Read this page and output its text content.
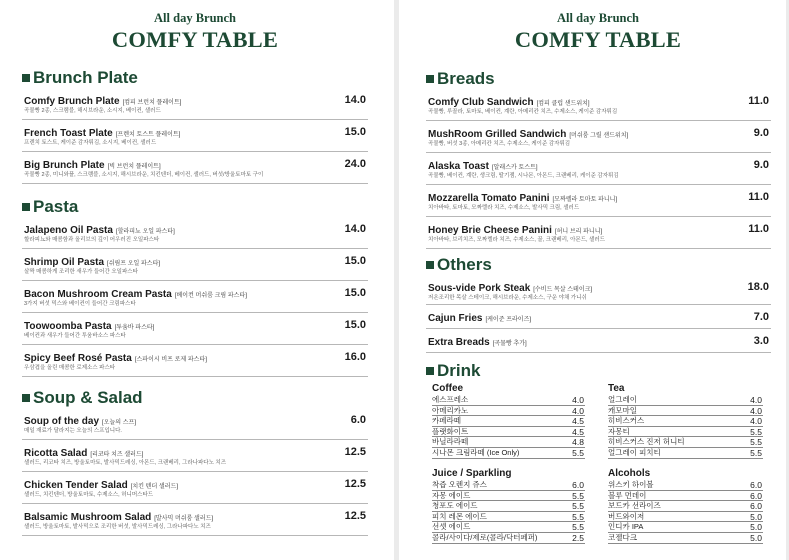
All day Brunch
COMFY TABLE
Brunch Plate
Comfy Brunch Plate [컴피 브런치 플레이트]	14.0
곡물빵 2종, 스크램블, 해시브라운, 소시지, 베이컨, 샐러드
French Toast Plate [프렌치 토스트 플레이트]	15.0
프렌치 토스트, 케이준 감자튀김, 소시지, 베이컨, 샐러드
Big Brunch Plate [빅 브런치 플레이트]	24.0
곡물빵 2종, 미니와플, 스크램블, 소시지, 해시브라운, 치킨텐더, 베이컨, 샐러드, 버섯/방울토마토 구이
Pasta
Jalapeno Oil Pasta [할라피뇨 오일 파스타]	14.0
할라피뇨와 매콤함과 올리브의 깊이 어우러진 오일파스타
Shrimp Oil Pasta [쉬림프 오일 파스타]	15.0
살짝 매콤하게 조리한 새우가 들어간 오일파스타
Bacon Mushroom Cream Pasta [베이컨 머쉬룸 크림 파스타]	15.0
3가지 버섯 믹스와 베이컨이 들어간 크림파스타
Toowoomba Pasta [투움바 파스타]	15.0
베이컨과 새우가 들어간 투움바소스 파스타
Spicy Beef Rosé Pasta [스파이시 비프 로제 파스타]	16.0
우삼겹을 올린 매콤한 로제소스 파스타
Soup & Salad
Soup of the day [오늘의 스프]	6.0
매일 재료가 달라지는 오늘의 스프입니다.
Ricotta Salad [리코타 치즈 샐러드]	12.5
샐러드, 리코타 치즈, 방울토마토, 발사믹드레싱, 아몬드, 크랜베리, 그라나파다노 치즈
Chicken Tender Salad [치킨 텐더 샐러드]	12.5
샐러드, 치킨텐더, 방울토마토, 수제소스, 허니머스타드
Balsamic Mushroom Salad [발사믹 머쉬룸 샐러드]	12.5
샐러드, 방울토마토, 발사믹으로 조리한 버섯, 발사믹드레싱, 그라나파다노 치즈
All day Brunch
COMFY TABLE
Breads
Comfy Club Sandwich [컴피 클럽 샌드위치]	11.0
곡물빵, 루꼴라, 토마토, 베이컨, 계란, 아메리칸 치즈, 수제소스, 케이준 감자튀김
MushRoom Grilled Sandwich [머쉬룸 그릴 샌드위치]	9.0
곡물빵, 버섯 3종, 아메리칸 치즈, 수제소스, 케이준 감자튀김
Alaska Toast [알래스카 토스트]	9.0
곡물빵, 베이컨, 계란, 생크림, 딸기잼, 시나몬, 아몬드, 크랜베리, 케이준 감자튀김
Mozzarella Tomato Panini [모짜렐라 토마토 파니니]	11.0
치아바타, 토마토, 모짜렐라 치즈, 수제소스, 발사믹 크림, 샐러드
Honey Brie Cheese Panini [허니 브리 파니니]	11.0
치아바타, 브리치즈, 모짜렐라 치즈, 수제소스, 꿀, 크랜베리, 아몬드, 샐러드
Others
Sous-vide Pork Steak [수비드 목살 스테이크]	18.0
저온조리한 목살 스테이크, 해시브라운, 수제소스, 구운 야채 가니쉬
Cajun Fries [케이준 프라이즈]	7.0
Extra Breads [곡물빵 추가]	3.0
Drink
Coffee
에스프레소	4.0
아메리카노	4.0
카페라떼	4.5
플랫화이트	4.5
바닐라라떼	4.8
시나몬 크림라떼 (Ice Only)	5.5
Tea
얼그레이	4.0
캐모마일	4.0
히비스커스	4.0
자몽티	5.5
히비스커스 진저 허니티	5.5
얼그레이 피치티	5.5
Juice / Sparkling
착즙 오렌지 쥬스	6.0
자몽 에이드	5.5
청포도 에이드	5.5
피치 레몬 에이드	5.5
선셋 에이드	5.5
콜라/사이다/제로(콜라/닥터페퍼)	2.5
Alcohols
위스키 하이볼	6.0
블루 먼데이	6.0
보드카 선라이즈	6.0
버드와이저	5.0
인디카 IPA	5.0
코젤다크	5.0
